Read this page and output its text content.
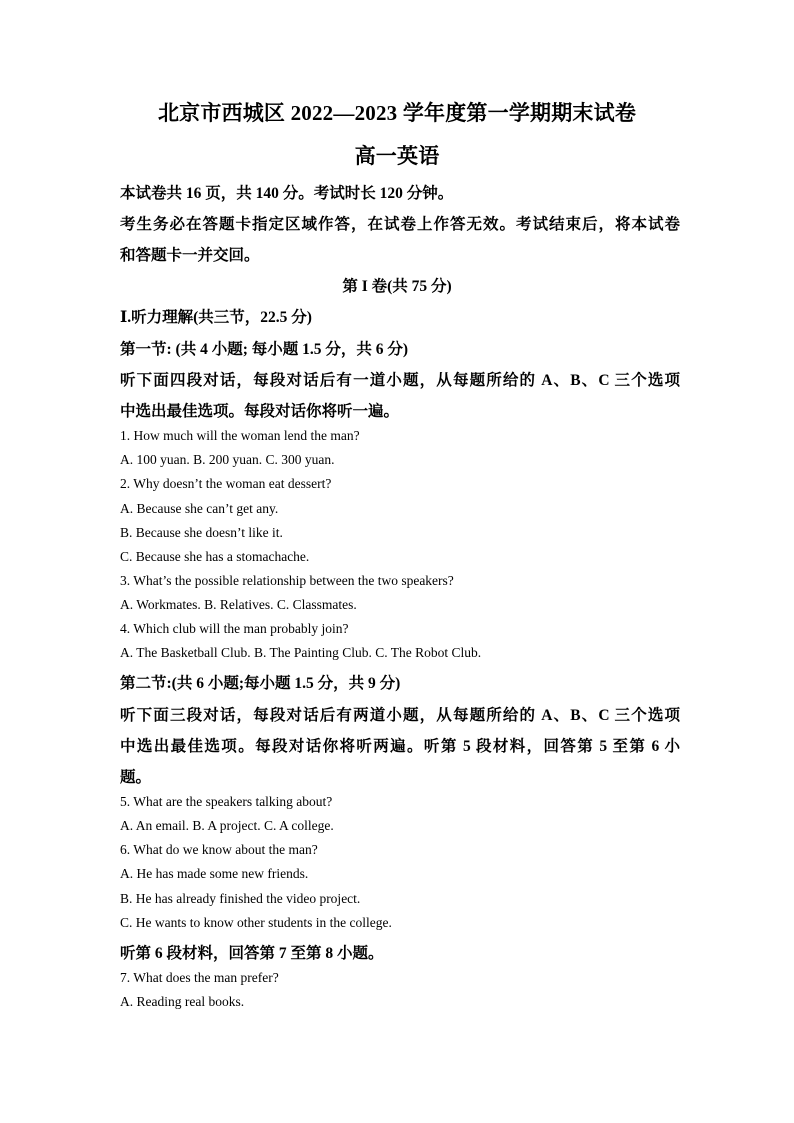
北京市西城区 2022—2023 学年度第一学期期末试卷
高一英语
本试卷共 16 页，共 140 分。考试时长 120 分钟。
考生务必在答题卡指定区域作答，在试卷上作答无效。考试结束后，将本试卷
和答题卡一并交回。
第 I 卷(共 75 分)
Ⅰ.听力理解(共三节，22.5 分)
第一节: (共 4 小题; 每小题 1.5 分，共 6 分)
听下面四段对话，每段对话后有一道小题，从每题所给的 A、B、C 三个选项
中选出最佳选项。每段对话你将听一遍。
1. How much will the woman lend the man?
A. 100 yuan. B. 200 yuan. C. 300 yuan.
2. Why doesn’t the woman eat dessert?
A. Because she can’t get any.
B. Because she doesn’t like it.
C. Because she has a stomachache.
3. What’s the possible relationship between the two speakers?
A. Workmates. B. Relatives. C. Classmates.
4. Which club will the man probably join?
A. The Basketball Club. B. The Painting Club. C. The Robot Club.
第二节:(共 6 小题;每小题 1.5 分，共 9 分)
听下面三段对话，每段对话后有两道小题，从每题所给的 A、B、C 三个选项
中选出最佳选项。每段对话你将听两遍。听第 5 段材料，回答第 5 至第 6 小
题。
5. What are the speakers talking about?
A. An email. B. A project. C. A college.
6. What do we know about the man?
A. He has made some new friends.
B. He has already finished the video project.
C. He wants to know other students in the college.
听第 6 段材料，回答第 7 至第 8 小题。
7. What does the man prefer?
A. Reading real books.
